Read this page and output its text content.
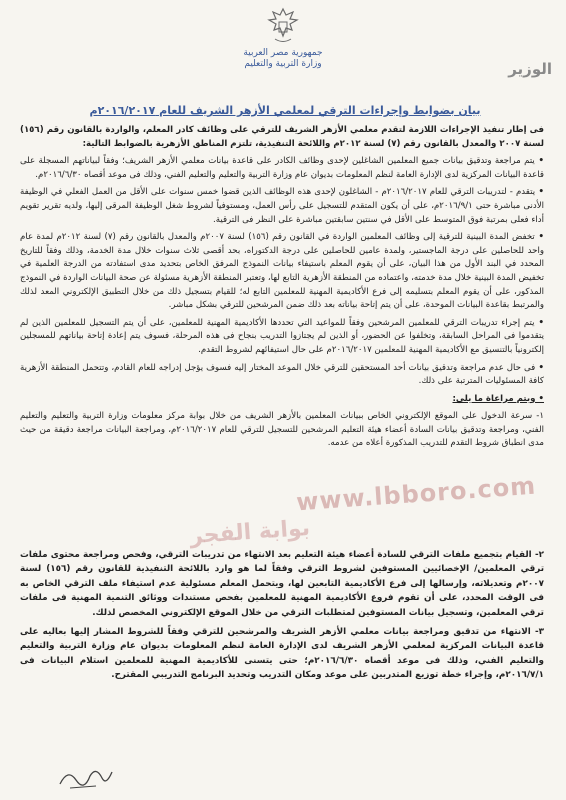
جمهورية مصر العربية
وزارة التربية والتعليم	الوزير
بيان بضوابط وإجراءات الترقي لمعلمي الأزهر الشريف للعام ٢٠١٦/٢٠١٧م

فى إطار تنفيذ الإجراءات اللازمة لتقدم معلمي الأزهر الشريف للترقي على وظائف كادر المعلم، والواردة بالقانون رقم (١٥٦) لسنة ٢٠٠٧ والمعدل بالقانون رقم (٧) لسنة ٢٠١٢م واللائحة التنفيذية، تلتزم المناطق الأزهرية بالضوابط التالية:

• يتم مراجعة وتدقيق بيانات جميع المعلمين الشاغلين لإحدى وظائف الكادر على قاعدة بيانات معلمي الأزهر الشريف؛ وفقاً لبياناتهم المسجلة على قاعدة البيانات المركزية لدى الإدارة العامة لنظم المعلومات بديوان عام وزارة التربية والتعليم والتعليم الفني، وذلك فى موعد أقصاه ٢٠١٦/٦/٣٠م.

• يتقدم - لتدريبات الترقي للعام ٢٠١٦/٢٠١٧م - الشاغلون لإحدى هذه الوظائف الذين قضوا خمس سنوات على الأقل من العمل الفعلي في الوظيفة الأدنى مباشرة حتى ٢٠١٦/٩/١م، على أن يكون المتقدم للتسجيل على رأس العمل، ومستوفياً لشروط شغل الوظيفة المرقى إليها، ولديه تقرير تقويم أداء فعلى بمرتبة فوق المتوسط على الأقل في سنتين سابقتين مباشرة على النظر فى الترقية.

• تخفض المدة البينية للترقية إلى وظائف المعلمين الواردة في القانون رقم (١٥٦) لسنة ٢٠٠٧م والمعدل بالقانون رقم (٧) لسنة ٢٠١٢م لمدة عام واحد للحاصلين على درجة الماجستير، ولمدة عامين للحاصلين على درجة الدكتوراه، بحد أقصى ثلاث سنوات خلال مدة الخدمة، وذلك وفقاً للتاريخ المحدد في البند الأول من هذا البيان، على أن يقوم المعلم باستيفاء بيانات النموذج المرفق الخاص بتحديد مدى استفادته من الدرجة العلمية في تخفيض المدة البينية خلال مدة خدمته، واعتماده من المنطقة الأزهرية التابع لها، وتعتبر المنطقة الأزهرية مسئولة عن صحة البيانات الواردة في النموذج المذكور، على أن يقوم المعلم بتسليمه إلى فرع الأكاديمية المهنية للمعلمين التابع له؛ للقيام بتسجيل ذلك من خلال التطبيق الإلكتروني المعد لذلك والمرتبط بقاعدة البيانات الموحدة، على أن يتم إتاحة بياناته بعد ذلك ضمن المرشحين للترقي بشكل مباشر.

• يتم إجراء تدريبات الترقي للمعلمين المرشحين وفقاً للمواعيد التي تحددها الأكاديمية المهنية للمعلمين، على أن يتم التسجيل للمعلمين الذين لم يتقدموا فى المراحل السابقة، وتخلفوا عن الحضور، أو الذين لم يجتازوا التدريب بنجاح فى هذه المرحلة، فسوف يتم إعادة إتاحة بياناتهم للمسجلين إلكترونياً بالتنسيق مع الأكاديمية المهنية للمعلمين ٢٠١٦/٢٠١٧م على حال استيفائهم لشروط التقدم.

• فى حال عدم مراجعة وتدقيق بيانات أحد المستحقين للترقي خلال الموعد المختار إليه فسوف يؤجل إدراجه للعام القادم، وتتحمل المنطقة الأزهرية كافة المسئوليات المترتبة على ذلك.

• ويتم مراعاة ما يلي:

١- سرعة الدخول على الموقع الإلكتروني الخاص ببيانات المعلمين بالأزهر الشريف من خلال بوابة مركز معلومات وزارة التربية والتعليم والتعليم الفني، ومراجعة وتدقيق بيانات السادة أعضاء هيئة التعليم المرشحين للتسجيل للترقي للعام ٢٠١٦/٢٠١٧م، ومراجعة البيانات مراجعة دقيقة من حيث مدى انطباق شروط التقدم للتدريب المذكورة أعلاه من عدمه.

www.lbboro.com
بوابة الفجر

٢- القيام بتجميع ملفات الترقي للسادة أعضاء هيئة التعليم بعد الانتهاء من تدريبات الترقي، وفحص ومراجعة محتوى ملفات ترقي المعلمين/ الإخصائيين المستوفين لشروط الترقي وفقاً لما هو وارد باللائحة التنفيذية للقانون رقم (١٥٦) لسنة ٢٠٠٧م وتعديلاته، وإرسالها إلى فرع الأكاديمية التابعين لها، ويتحمل المعلم مسئولية عدم استيفاء ملف الترقي الخاص به فى الوقت المحدد، على أن تقوم فروع الأكاديمية المهنية للمعلمين بفحص مستندات ووثائق التنمية المهنية فى ملفات ترقي المعلمين، وتسجيل بيانات المستوفين لمتطلبات الترقي من خلال الموقع الإلكتروني المخصص لذلك.

٣- الانتهاء من تدقيق ومراجعة بيانات معلمي الأزهر الشريف والمرشحين للترقي وفقاً للشروط المشار إليها بعاليه على قاعدة البيانات المركزية لمعلمي الأزهر الشريف لدى الإدارة العامة لنظم المعلومات بديوان عام وزارة التربية والتعليم والتعليم الفني، وذلك فى موعد أقصاه ٢٠١٦/٦/٣٠م؛ حتى يتسنى للأكاديمية المهنية للمعلمين استلام البيانات فى ٢٠١٦/٧/١م، وإجراء خطة توزيع المتدربين على موعد ومكان التدريب وتحديد البرنامج التدريبي المقترح.
